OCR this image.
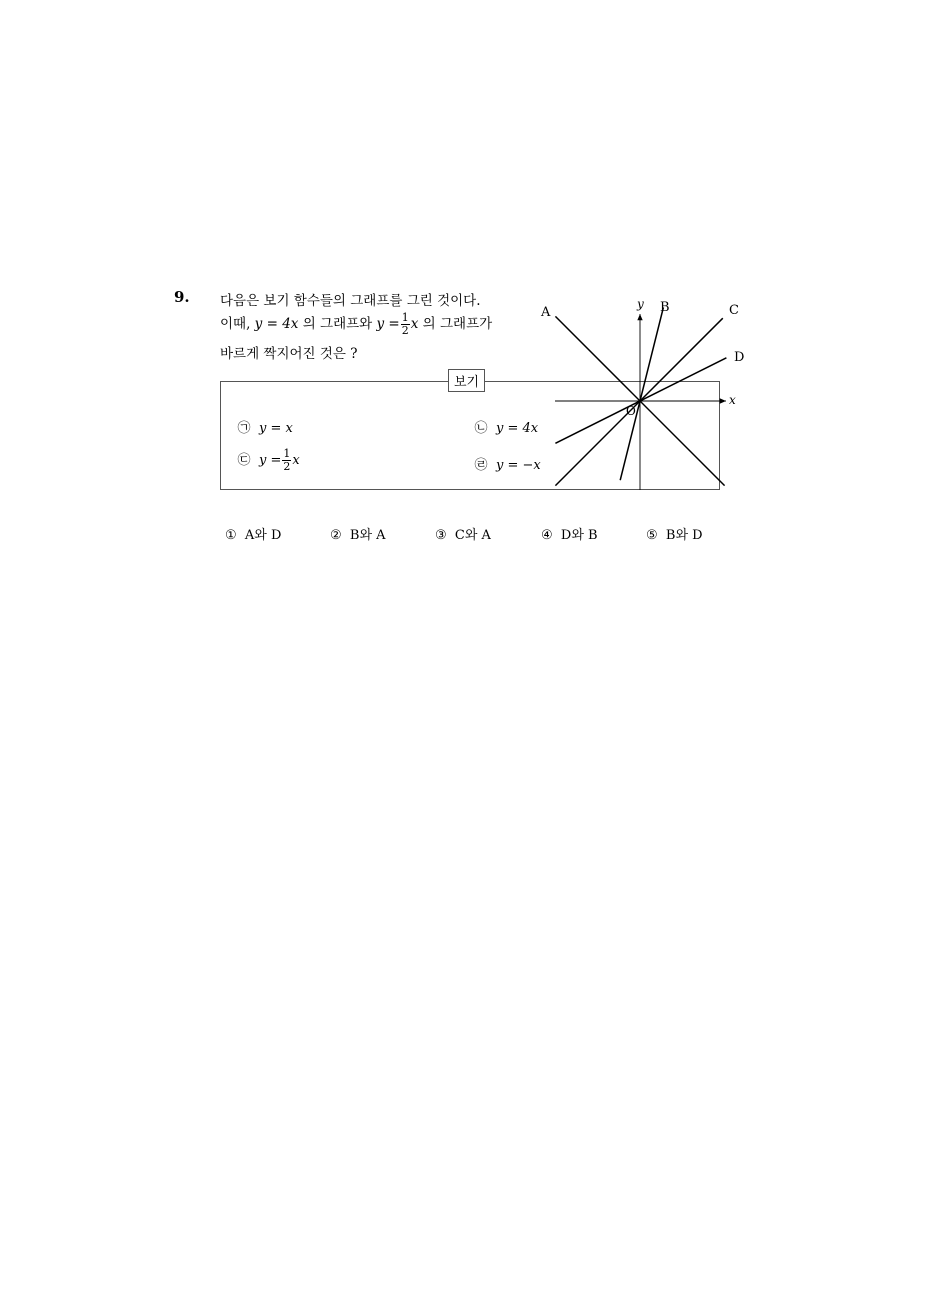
9. 다음은 보기 함수들의 그래프를 그린 것이다.
이때, y = 4x 의 그래프와 $y = \frac{1}{2}$ x 의 그래프가
바르게 짝지어진 것은 ?
보기
㉠ y = x	㉡ y = 4x
㉢ $y = \frac{1}{2}$ x	㉣ y = −x
x
y
O
A	B	C
D
① A와 D	② B와 A	③ C와 A	④ D와 B	⑤ B와 D
